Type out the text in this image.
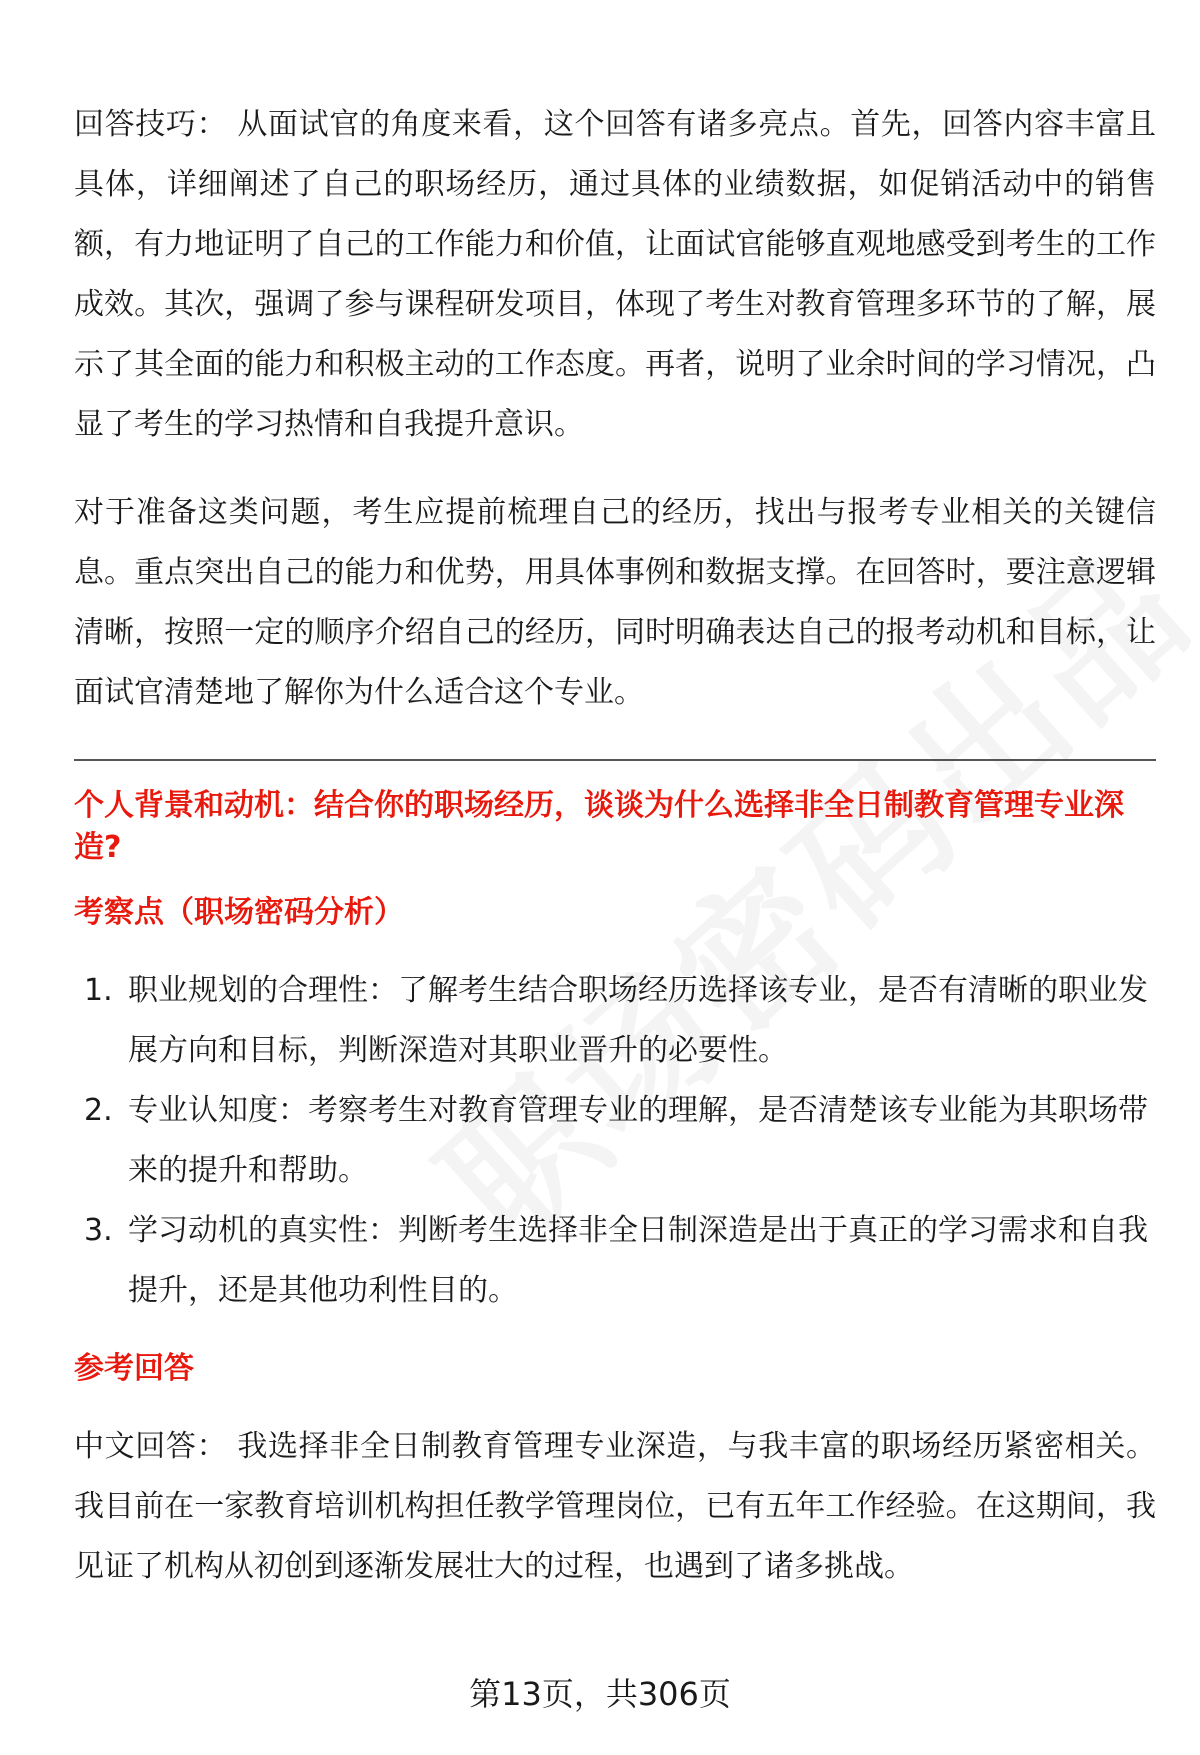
回答技巧： 从面试官的角度来看，这个回答有诸多亮点。首先，回答内容丰富且具体，详细阐述了自己的职场经历，通过具体的业绩数据，如促销活动中的销售额，有力地证明了自己的工作能力和价值，让面试官能够直观地感受到考生的工作成效。其次，强调了参与课程研发项目，体现了考生对教育管理多环节的了解，展示了其全面的能力和积极主动的工作态度。再者，说明了业余时间的学习情况，凸显了考生的学习热情和自我提升意识。

对于准备这类问题，考生应提前梳理自己的经历，找出与报考专业相关的关键信息。重点突出自己的能力和优势，用具体事例和数据支撑。在回答时，要注意逻辑清晰，按照一定的顺序介绍自己的经历，同时明确表达自己的报考动机和目标，让面试官清楚地了解你为什么适合这个专业。

个人背景和动机：结合你的职场经历，谈谈为什么选择非全日制教育管理专业深造?
考察点（职场密码分析）
1. 职业规划的合理性：了解考生结合职场经历选择该专业，是否有清晰的职业发展方向和目标，判断深造对其职业晋升的必要性。
2. 专业认知度：考察考生对教育管理专业的理解，是否清楚该专业能为其职场带来的提升和帮助。
3. 学习动机的真实性：判断考生选择非全日制深造是出于真正的学习需求和自我提升，还是其他功利性目的。
参考回答

中文回答： 我选择非全日制教育管理专业深造，与我丰富的职场经历紧密相关。我目前在一家教育培训机构担任教学管理岗位，已有五年工作经验。在这期间，我见证了机构从初创到逐渐发展壮大的过程，也遇到了诸多挑战。

第13页，共306页
